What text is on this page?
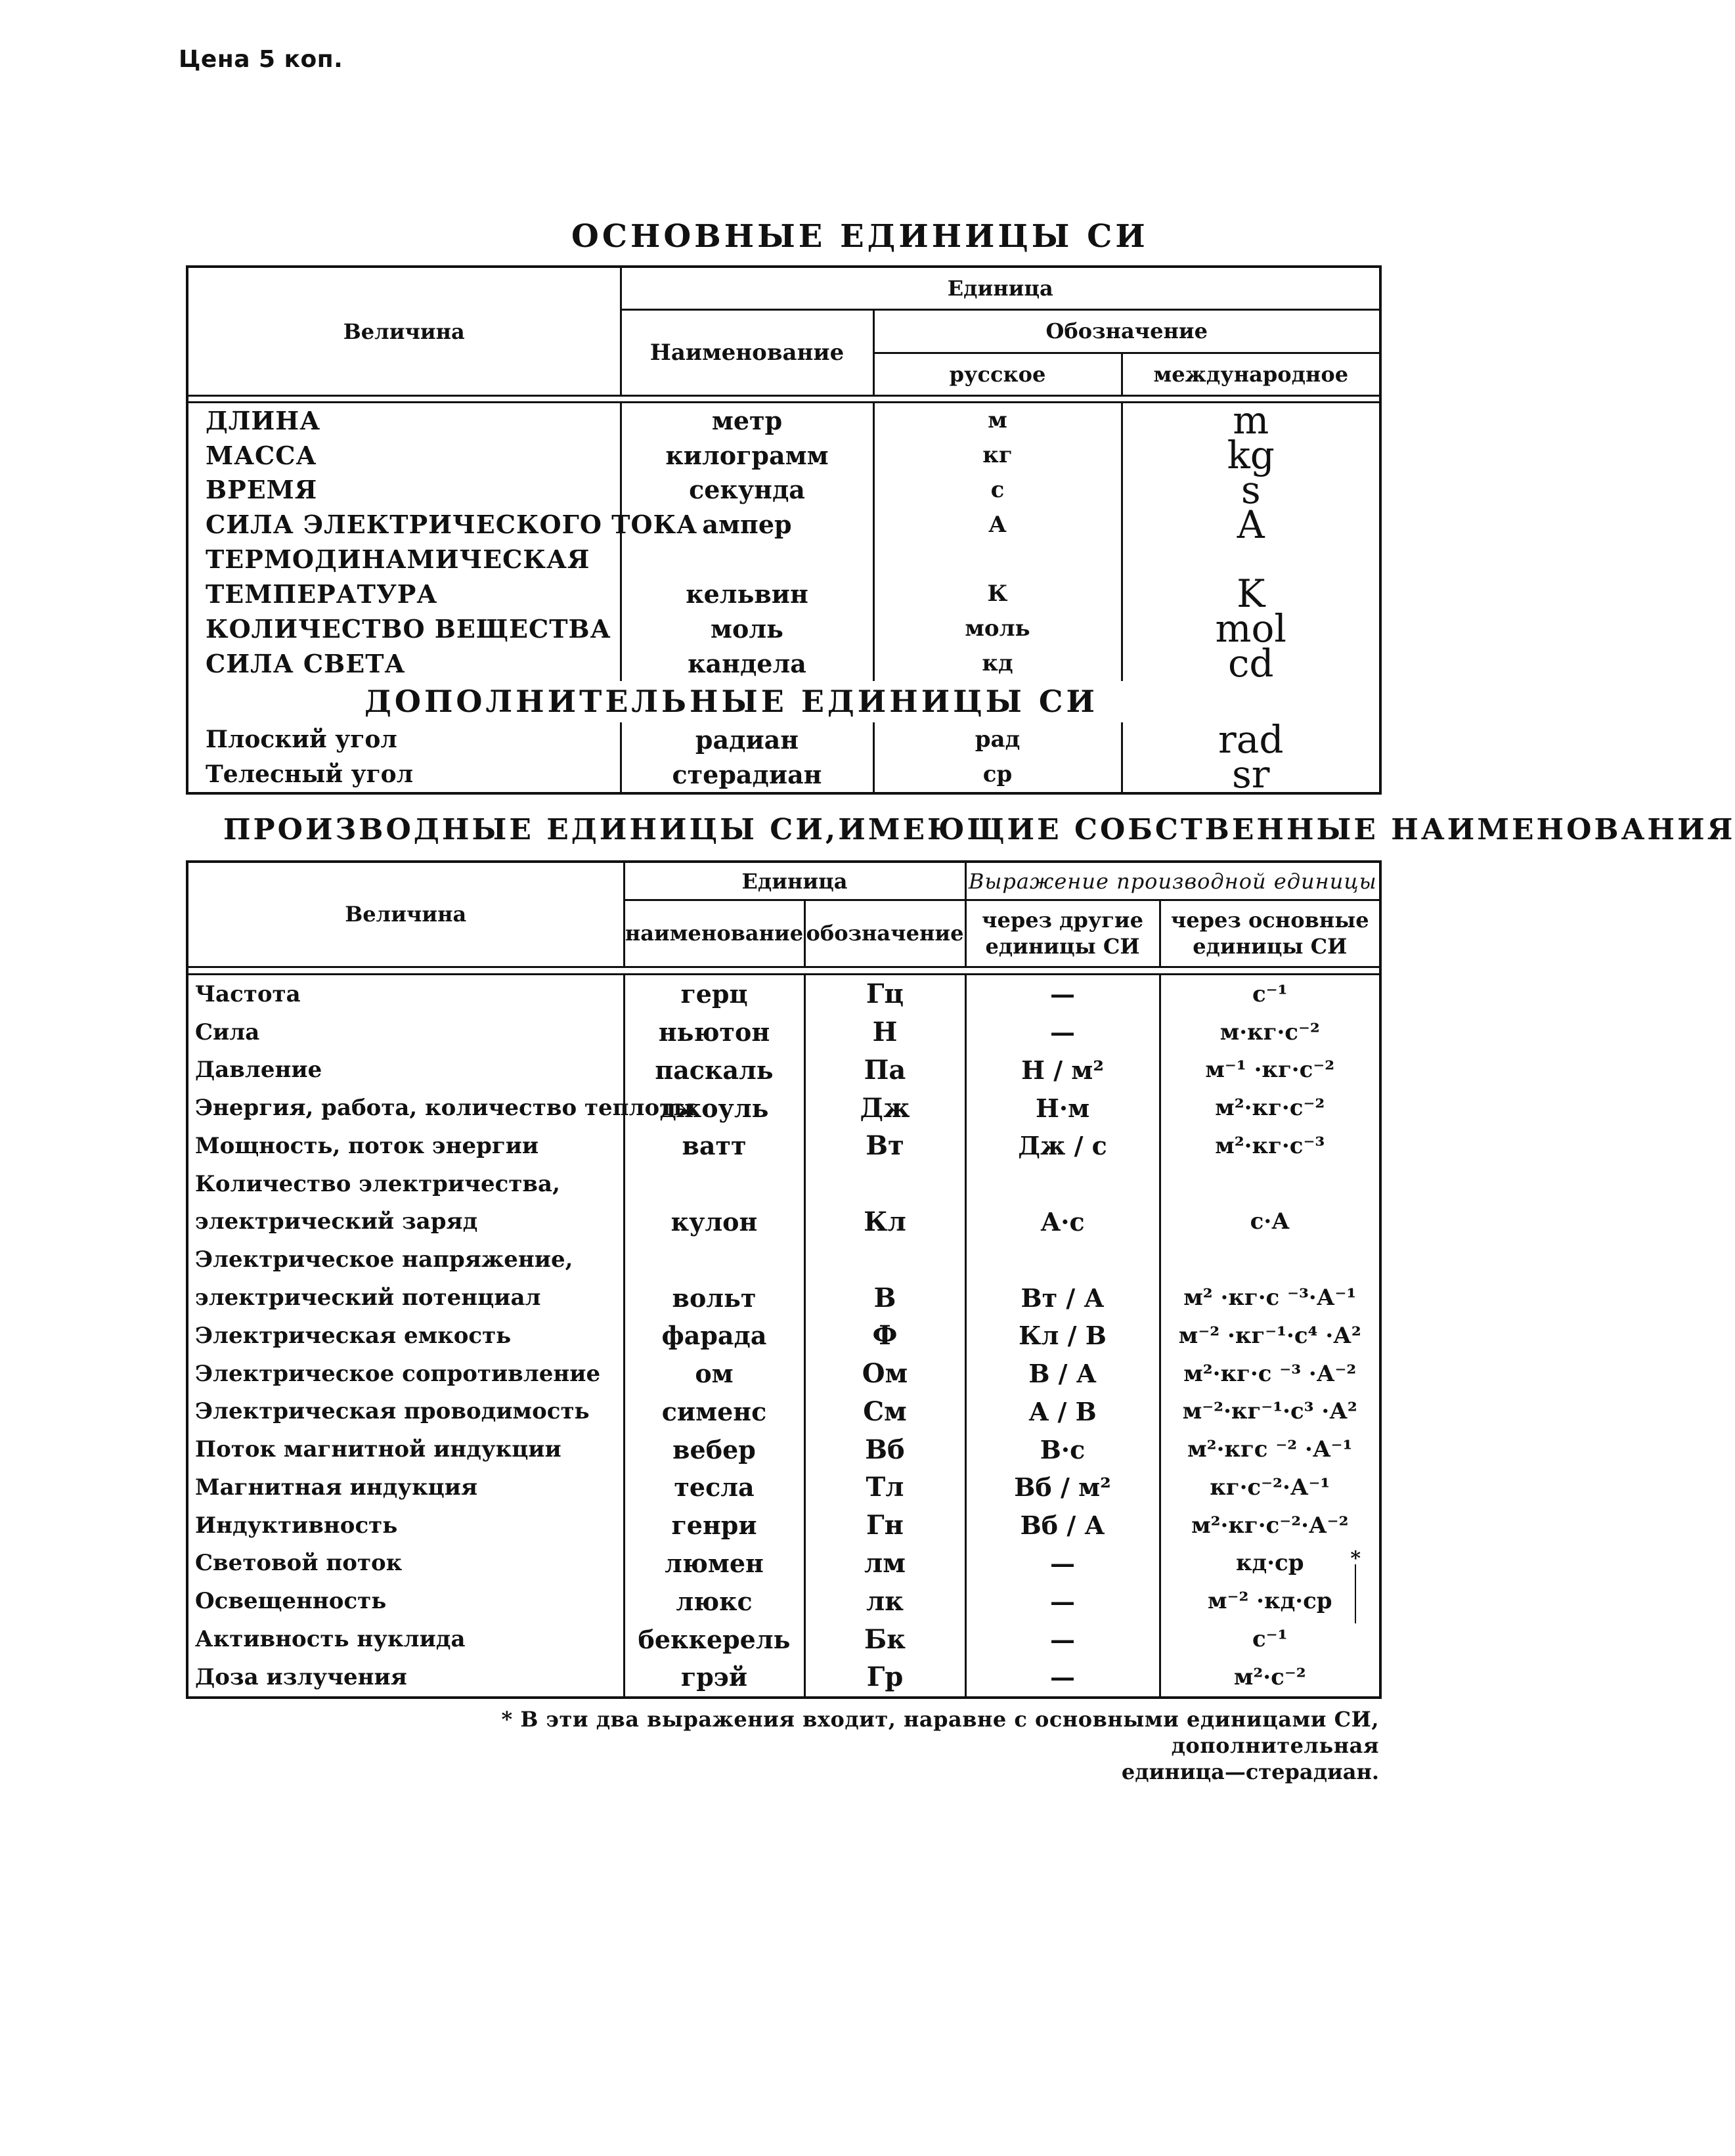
Цена 5 коп.
ОСНОВНЫЕ ЕДИНИЦЫ СИ
Величина	Единица		
	Наименование	Обозначение	
		русское	международное

ДЛИНА	метр	м	m
МАССА	килограмм	кг	kg
ВРЕМЯ	секунда	с	s
СИЛА ЭЛЕКТРИЧЕСКОГО ТОКА	ампер	А	A
ТЕРМОДИНАМИЧЕСКАЯ			
ТЕМПЕРАТУРА	кельвин	К	K
КОЛИЧЕСТВО ВЕЩЕСТВА	моль	моль	mol
СИЛА СВЕТА	кандела	кд	cd
ДОПОЛНИТЕЛЬНЫЕ ЕДИНИЦЫ СИ			
Плоский угол	радиан	рад	rad
Телесный угол	стерадиан	ср	sr
ПРОИЗВОДНЫЕ ЕДИНИЦЫ СИ,ИМЕЮЩИЕ СОБСТВЕННЫЕ НАИМЕНОВАНИЯ
Величина	Единица		Выражение производной единицы	
	наименование	обозначение	через другие единицы СИ	через основные единицы СИ

Частота	герц	Гц	—	с⁻¹
Сила	ньютон	Н	—	м·кг·с⁻²
Давление	паскаль	Па	Н / м²	м⁻¹ ·кг·с⁻²
Энергия, работа, количество теплоты	джоуль	Дж	Н·м	м²·кг·с⁻²
Мощность, поток энергии	ватт	Вт	Дж / с	м²·кг·с⁻³
Количество электричества,				
электрический заряд	кулон	Кл	А·с	с·А
Электрическое напряжение,				
электрический потенциал	вольт	В	Вт / А	м² ·кг·с ⁻³·А⁻¹
Электрическая емкость	фарада	Ф	Кл / В	м⁻² ·кг⁻¹·с⁴ ·А²
Электрическое сопротивление	ом	Ом	В / А	м²·кг·с ⁻³ ·А⁻²
Электрическая проводимость	сименс	См	А / В	м⁻²·кг⁻¹·с³ ·А²
Поток магнитной индукции	вебер	Вб	В·с	м²·кгс ⁻² ·А⁻¹
Магнитная индукция	тесла	Тл	Вб / м²	кг·с⁻²·А⁻¹
Индуктивность	генри	Гн	Вб / А	м²·кг·с⁻²·А⁻²
Световой поток	люмен	лм	—	кд·ср *

Освещенность	люкс	лк	—	м⁻² ·кд·ср
Активность нуклида	беккерель	Бк	—	с⁻¹
Доза излучения	грэй	Гр	—	м²·с⁻²
* В эти два выражения входит, наравне с основными единицами СИ, дополнительная
единица—стерадиан.
